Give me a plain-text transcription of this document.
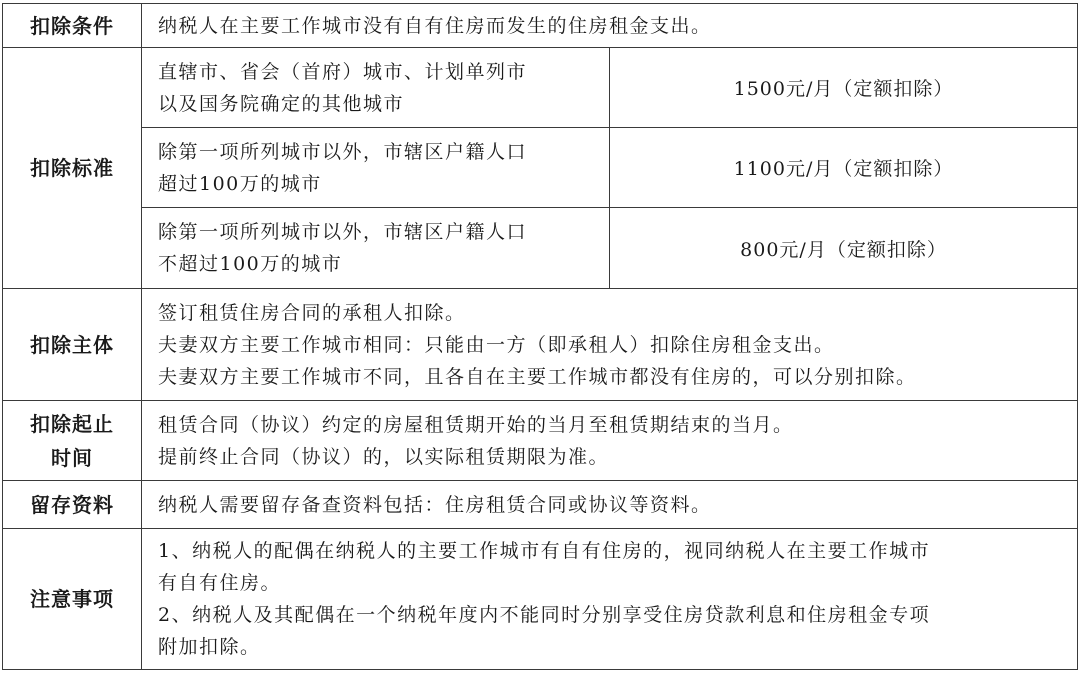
扣除条件	纳税人在主要工作城市没有自有住房而发生的住房租金支出。	

扣除标准	直辖市、省会（首府）城市、计划单列市
以及国务院确定的其他城市	1500元/月（定额扣除）

	除第一项所列城市以外，市辖区户籍人口
超过100万的城市	1100元/月（定额扣除）

	除第一项所列城市以外，市辖区户籍人口
不超过100万的城市	800元/月（定额扣除）
扣除主体	签订租赁住房合同的承租人扣除。
夫妻双方主要工作城市相同：只能由一方（即承租人）扣除住房租金支出。
夫妻双方主要工作城市不同，且各自在主要工作城市都没有住房的，可以分别扣除。	

扣除起止
时间	租赁合同（协议）约定的房屋租赁期开始的当月至租赁期结束的当月。
提前终止合同（协议）的，以实际租赁期限为准。	

留存资料	纳税人需要留存备查资料包括：住房租赁合同或协议等资料。	

注意事项	1、纳税人的配偶在纳税人的主要工作城市有自有住房的，视同纳税人在主要工作城市
有自有住房。
2、纳税人及其配偶在一个纳税年度内不能同时分别享受住房贷款利息和住房租金专项
附加扣除。	
